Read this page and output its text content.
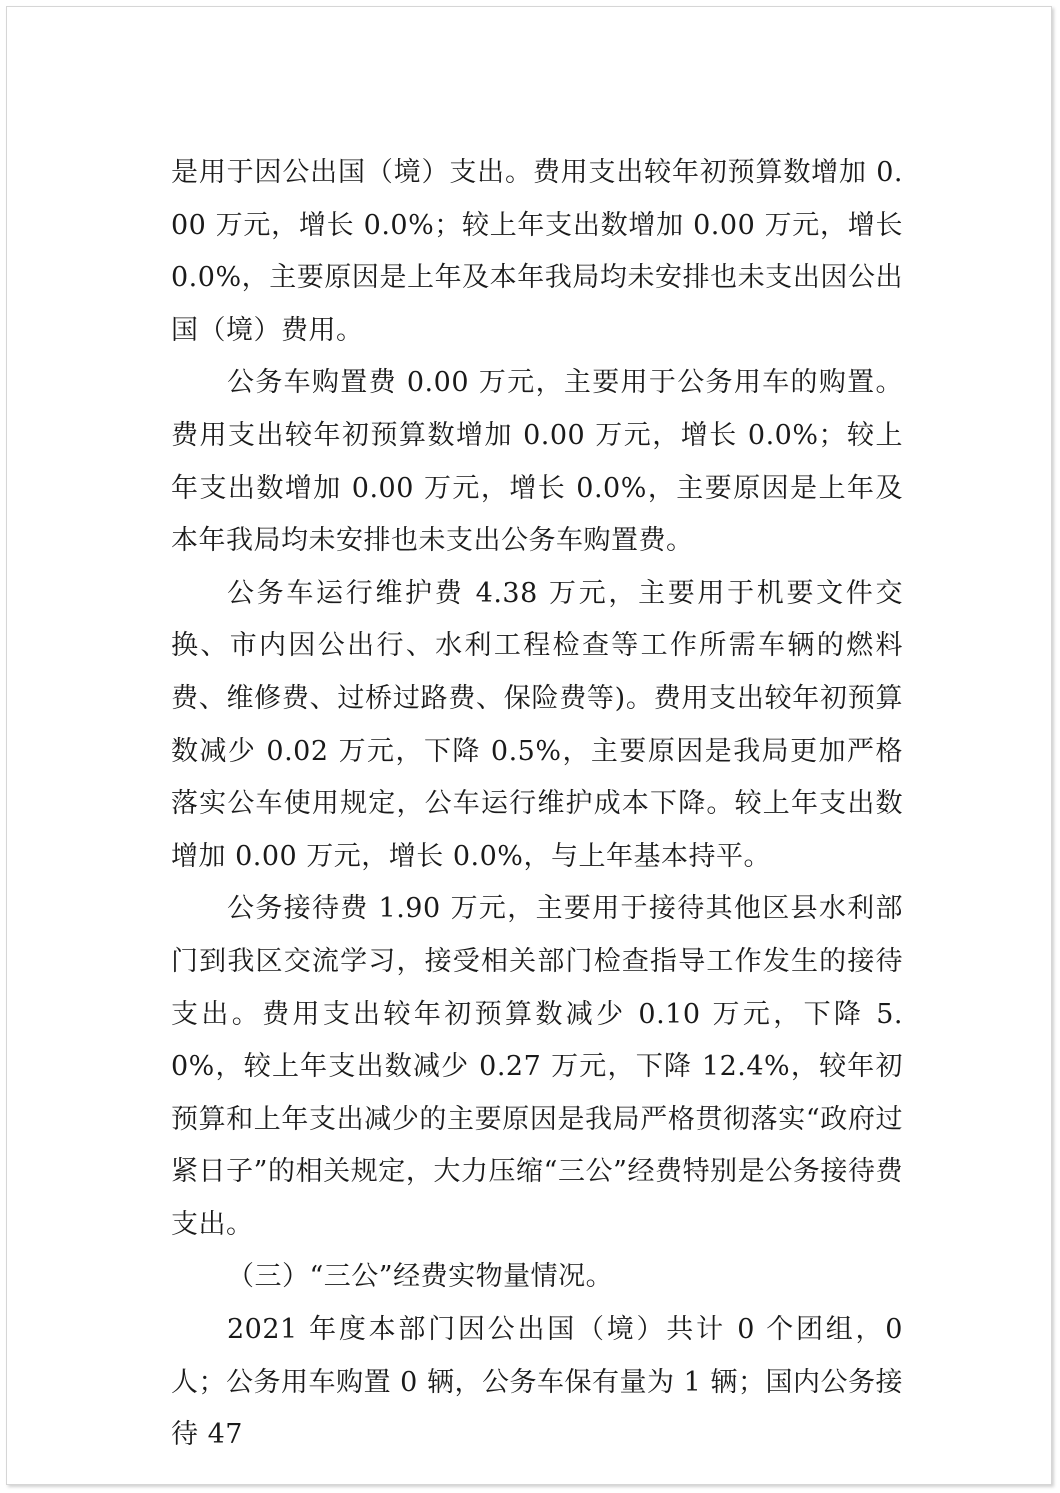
是用于因公出国（境）支出。费用支出较年初预算数增加 0.00 万元，增长 0.0%；较上年支出数增加 0.00 万元，增长 0.0%，主要原因是上年及本年我局均未安排也未支出因公出国（境）费用。

公务车购置费 0.00 万元，主要用于公务用车的购置。费用支出较年初预算数增加 0.00 万元，增长 0.0%；较上年支出数增加 0.00 万元，增长 0.0%，主要原因是上年及本年我局均未安排也未支出公务车购置费。

公务车运行维护费 4.38 万元，主要用于机要文件交换、市内因公出行、水利工程检查等工作所需车辆的燃料费、维修费、过桥过路费、保险费等)。费用支出较年初预算数减少 0.02 万元，下降 0.5%，主要原因是我局更加严格落实公车使用规定，公车运行维护成本下降。较上年支出数增加 0.00 万元，增长 0.0%，与上年基本持平。

公务接待费 1.90 万元，主要用于接待其他区县水利部门到我区交流学习，接受相关部门检查指导工作发生的接待支出。费用支出较年初预算数减少 0.10 万元，下降 5.0%，较上年支出数减少 0.27 万元，下降 12.4%，较年初预算和上年支出减少的主要原因是我局严格贯彻落实“政府过紧日子”的相关规定，大力压缩“三公”经费特别是公务接待费支出。

（三）“三公”经费实物量情况。

2021 年度本部门因公出国（境）共计 0 个团组，0 人；公务用车购置 0 辆，公务车保有量为 1 辆；国内公务接待 47
